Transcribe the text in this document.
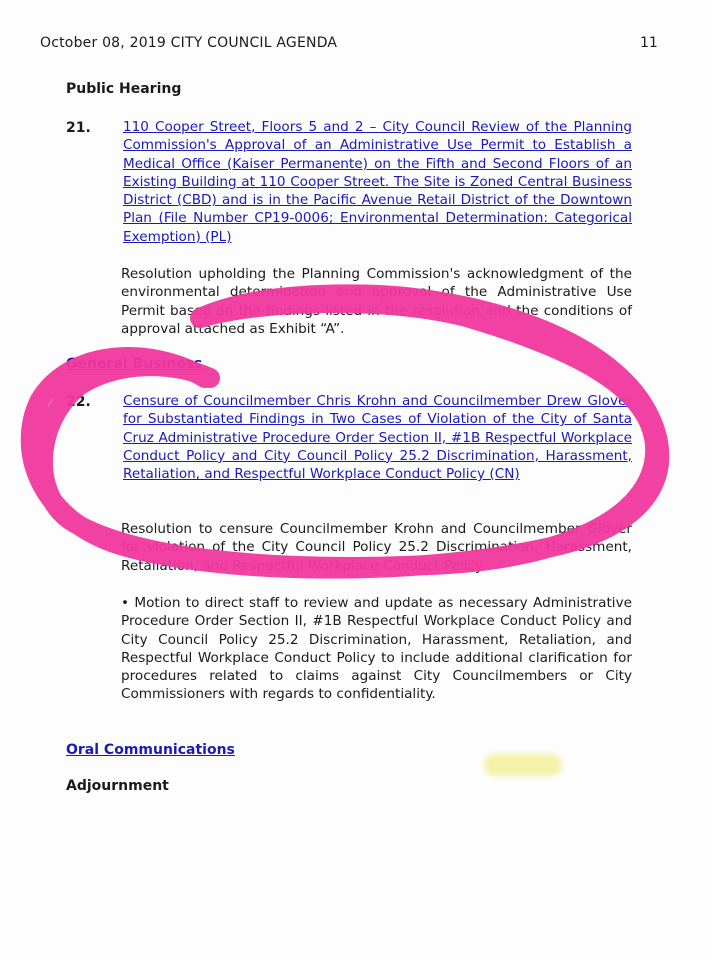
October 08, 2019 CITY COUNCIL AGENDA	11
Public Hearing
21. 110 Cooper Street, Floors 5 and 2 – City Council Review of the Planning Commission's Approval of an Administrative Use Permit to Establish a Medical Office (Kaiser Permanente) on the Fifth and Second Floors of an Existing Building at 110 Cooper Street. The Site is Zoned Central Business District (CBD) and is in the Pacific Avenue Retail District of the Downtown Plan (File Number CP19-0006; Environmental Determination: Categorical Exemption) (PL)
Resolution upholding the Planning Commission's acknowledgment of the environmental determination and approval of the Administrative Use Permit based on the findings listed in the resolution and the conditions of approval attached as Exhibit “A”.
General Business
22. Censure of Councilmember Chris Krohn and Councilmember Drew Glover for Substantiated Findings in Two Cases of Violation of the City of Santa Cruz Administrative Procedure Order Section II, #1B Respectful Workplace Conduct Policy and City Council Policy 25.2 Discrimination, Harassment, Retaliation, and Respectful Workplace Conduct Policy (CN)
Resolution to censure Councilmember Krohn and Councilmember Glover for violation of the City Council Policy 25.2 Discrimination, Harassment, Retaliation, and Respectful Workplace Conduct Policy.
• Motion to direct staff to review and update as necessary Administrative Procedure Order Section II, #1B Respectful Workplace Conduct Policy and City Council Policy 25.2 Discrimination, Harassment, Retaliation, and Respectful Workplace Conduct Policy to include additional clarification for procedures related to claims against City Councilmembers or City Commissioners with regards to confidentiality.
Oral Communications
Adjournment
